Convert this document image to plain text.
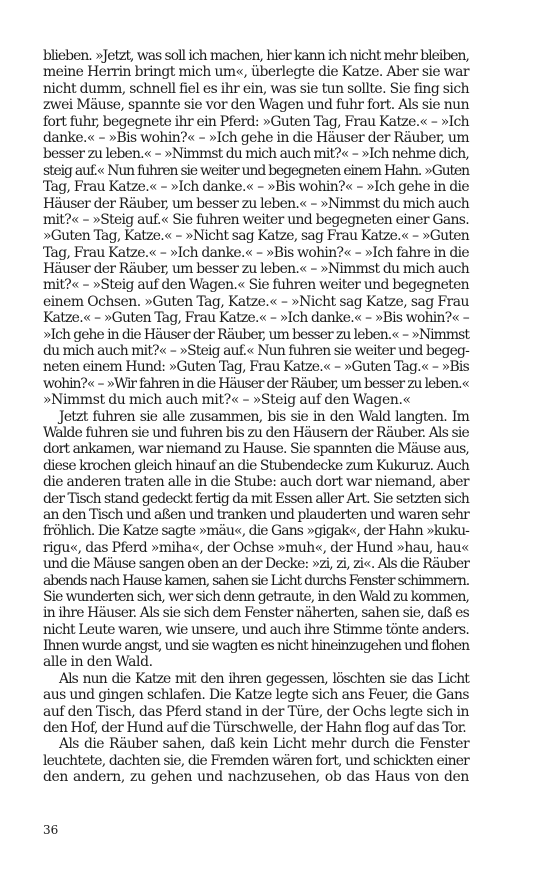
blieben. »Jetzt, was soll ich machen, hier kann ich nicht mehr bleiben,
meine Herrin bringt mich um«, überlegte die Katze. Aber sie war
nicht dumm, schnell fiel es ihr ein, was sie tun sollte. Sie fing sich
zwei Mäuse, spannte sie vor den Wagen und fuhr fort. Als sie nun
fort fuhr, begegnete ihr ein Pferd: »Guten Tag, Frau Katze.« – »Ich
danke.« – »Bis wohin?« – »Ich gehe in die Häuser der Räuber, um
besser zu leben.« – »Nimmst du mich auch mit?« – »Ich nehme dich,
steig auf.« Nun fuhren sie weiter und begegneten einem Hahn. »Guten
Tag, Frau Katze.« – »Ich danke.« – »Bis wohin?« – »Ich gehe in die
Häuser der Räuber, um besser zu leben.« – »Nimmst du mich auch
mit?« – »Steig auf.« Sie fuhren weiter und begegneten einer Gans.
»Guten Tag, Katze.« – »Nicht sag Katze, sag Frau Katze.« – »Guten
Tag, Frau Katze.« – »Ich danke.« – »Bis wohin?« – »Ich fahre in die
Häuser der Räuber, um besser zu leben.« – »Nimmst du mich auch
mit?« – »Steig auf den Wagen.« Sie fuhren weiter und begegneten
einem Ochsen. »Guten Tag, Katze.« – »Nicht sag Katze, sag Frau
Katze.« – »Guten Tag, Frau Katze.« – »Ich danke.« – »Bis wohin?« –
»Ich gehe in die Häuser der Räuber, um besser zu leben.« – »Nimmst
du mich auch mit?« – »Steig auf.« Nun fuhren sie weiter und begeg-
neten einem Hund: »Guten Tag, Frau Katze.« – »Guten Tag.« – »Bis
wohin?« – »Wir fahren in die Häuser der Räuber, um besser zu leben.«
»Nimmst du mich auch mit?« – »Steig auf den Wagen.«
Jetzt fuhren sie alle zusammen, bis sie in den Wald langten. Im
Walde fuhren sie und fuhren bis zu den Häusern der Räuber. Als sie
dort ankamen, war niemand zu Hause. Sie spannten die Mäuse aus,
diese krochen gleich hinauf an die Stubendecke zum Kukuruz. Auch
die anderen traten alle in die Stube: auch dort war niemand, aber
der Tisch stand gedeckt fertig da mit Essen aller Art. Sie setzten sich
an den Tisch und aßen und tranken und plauderten und waren sehr
fröhlich. Die Katze sagte »mäu«, die Gans »gigak«, der Hahn »kuku-
rigu«, das Pferd »miha«, der Ochse »muh«, der Hund »hau, hau«
und die Mäuse sangen oben an der Decke: »zi, zi, zi«. Als die Räuber
abends nach Hause kamen, sahen sie Licht durchs Fenster schimmern.
Sie wunderten sich, wer sich denn getraute, in den Wald zu kommen,
in ihre Häuser. Als sie sich dem Fenster näherten, sahen sie, daß es
nicht Leute waren, wie unsere, und auch ihre Stimme tönte anders.
Ihnen wurde angst, und sie wagten es nicht hineinzugehen und flohen
alle in den Wald.
Als nun die Katze mit den ihren gegessen, löschten sie das Licht
aus und gingen schlafen. Die Katze legte sich ans Feuer, die Gans
auf den Tisch, das Pferd stand in der Türe, der Ochs legte sich in
den Hof, der Hund auf die Türschwelle, der Hahn flog auf das Tor.
Als die Räuber sahen, daß kein Licht mehr durch die Fenster
leuchtete, dachten sie, die Fremden wären fort, und schickten einer
den andern, zu gehen und nachzusehen, ob das Haus von den
36
